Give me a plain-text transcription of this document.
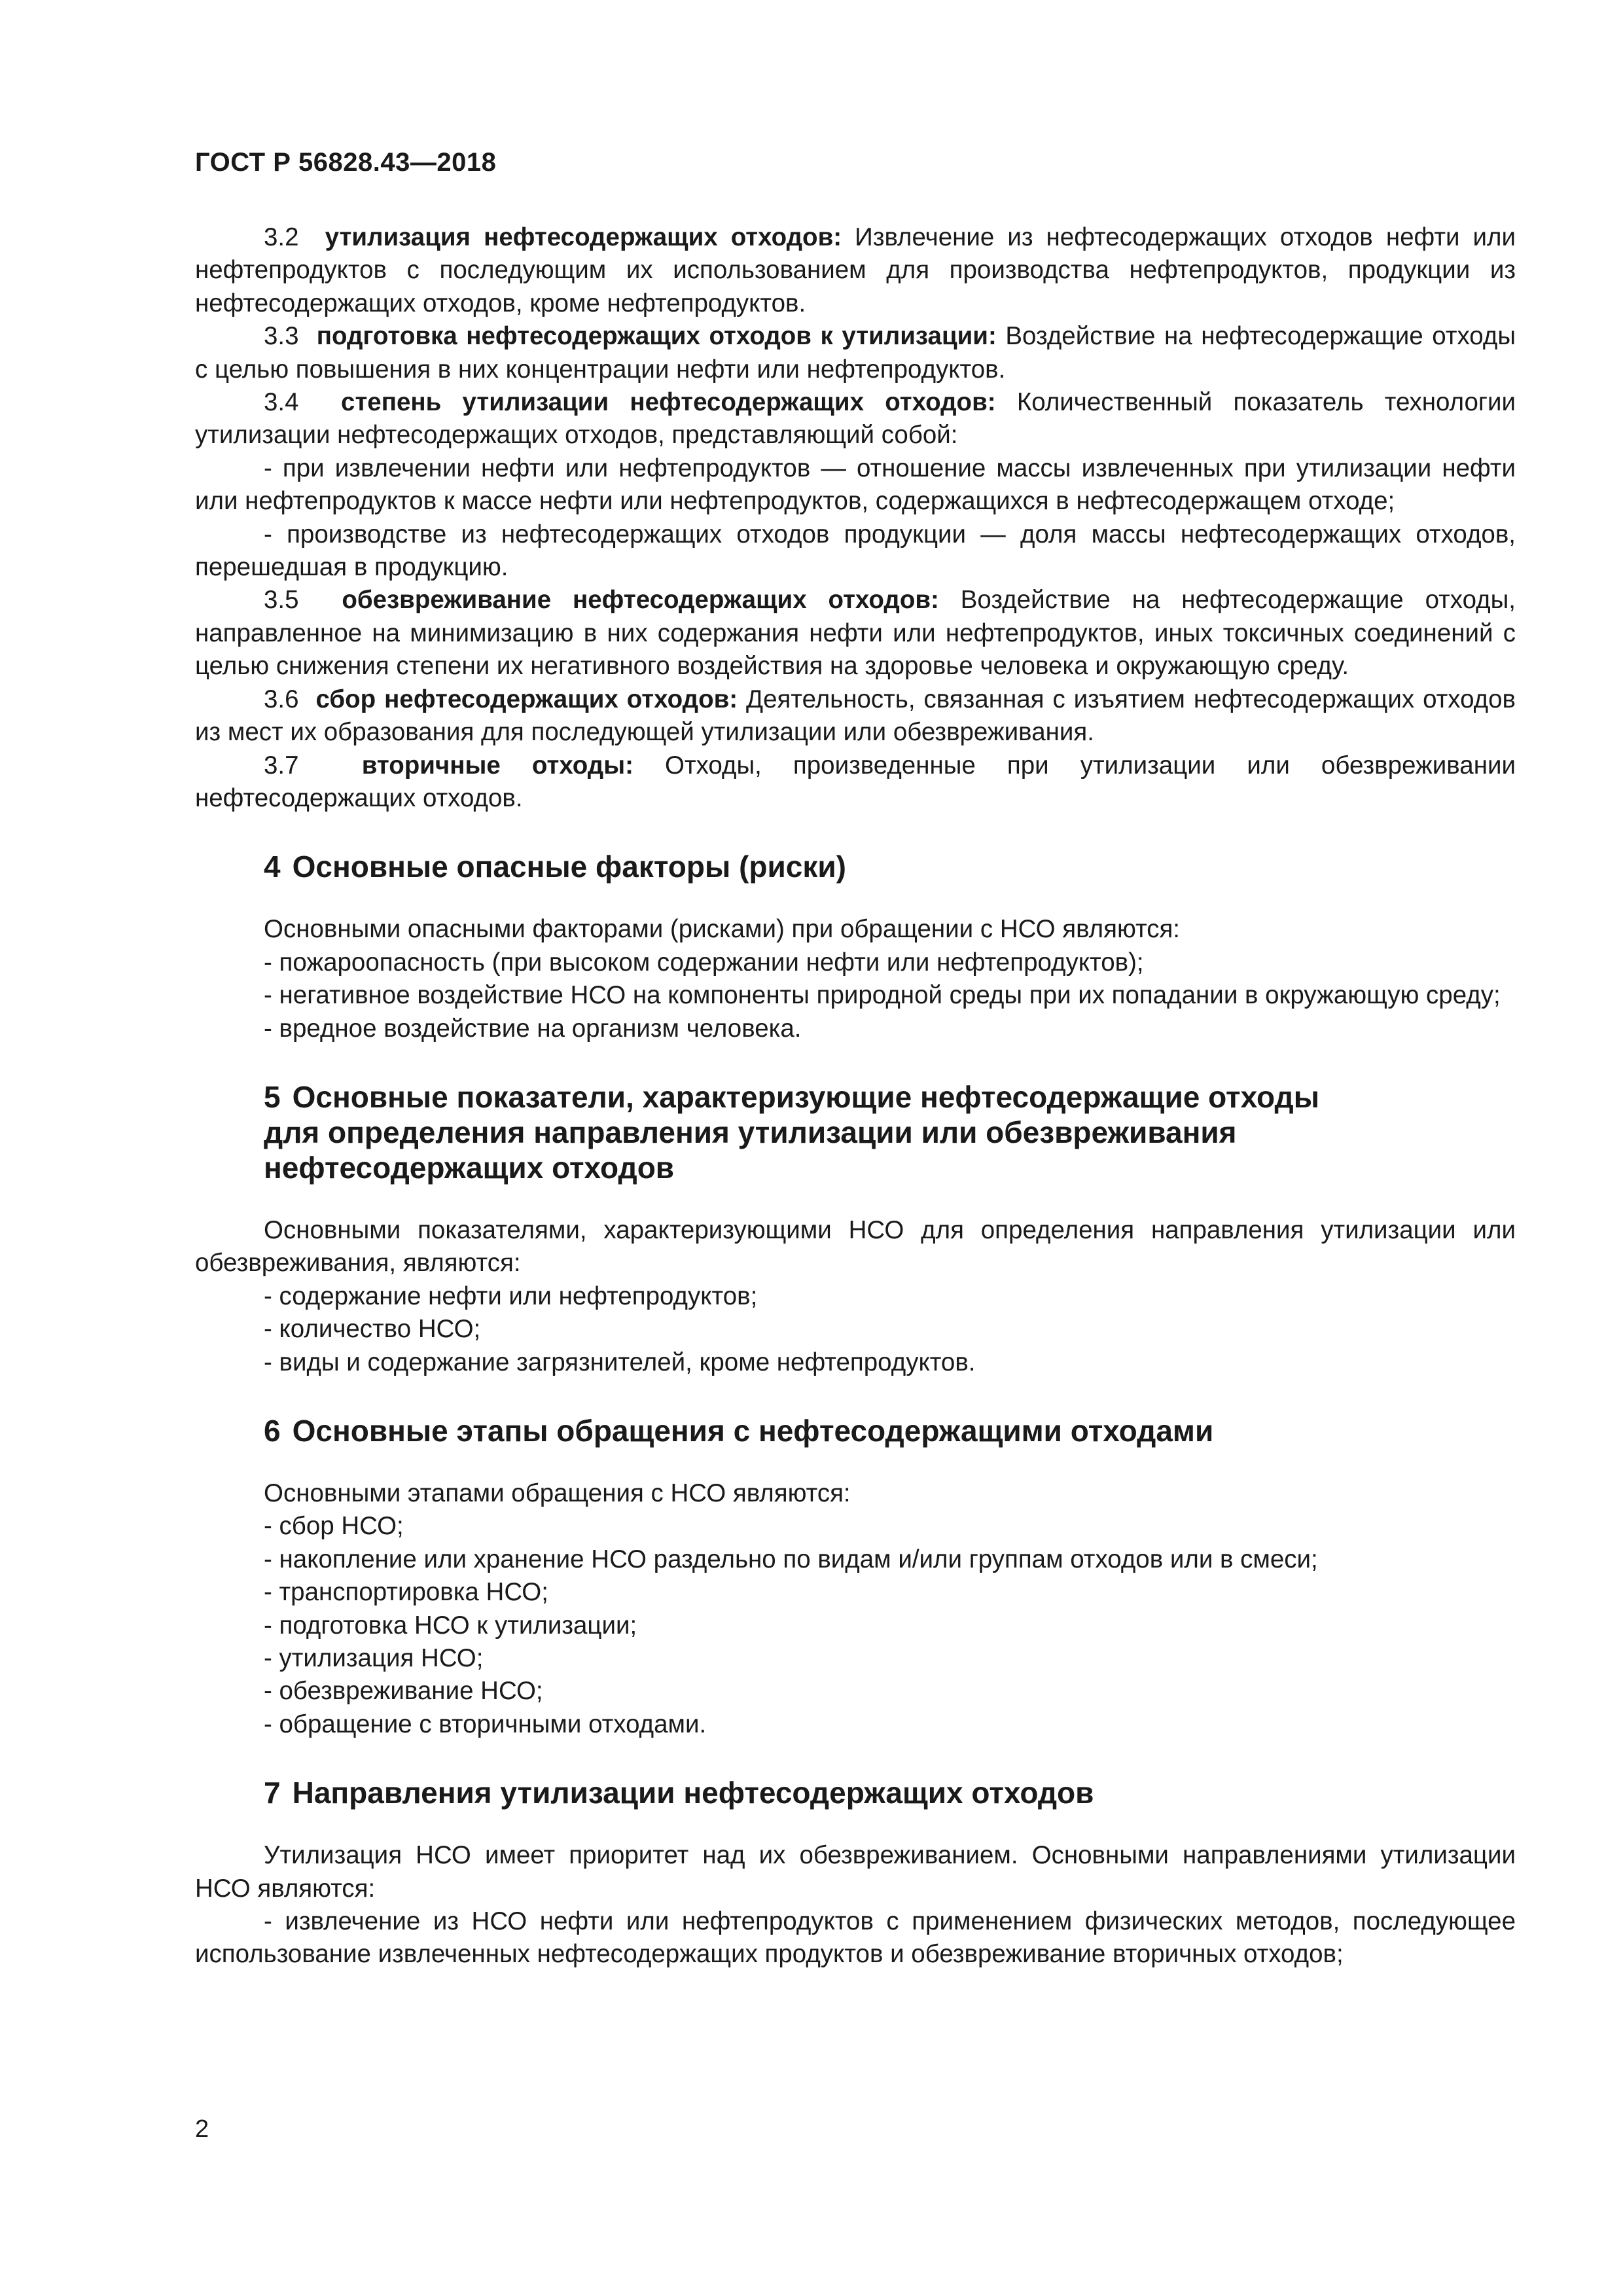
ГОСТ Р 56828.43—2018

3.2 утилизация нефтесодержащих отходов: Извлечение из нефтесодержащих отходов нефти или нефтепродуктов с последующим их использованием для производства нефтепродуктов, продукции из нефтесодержащих отходов, кроме нефтепродуктов.

3.3 подготовка нефтесодержащих отходов к утилизации: Воздействие на нефтесодержащие отходы с целью повышения в них концентрации нефти или нефтепродуктов.

3.4 степень утилизации нефтесодержащих отходов: Количественный показатель технологии утилизации нефтесодержащих отходов, представляющий собой:

- при извлечении нефти или нефтепродуктов — отношение массы извлеченных при утилизации нефти или нефтепродуктов к массе нефти или нефтепродуктов, содержащихся в нефтесодержащем отходе;

- производстве из нефтесодержащих отходов продукции — доля массы нефтесодержащих отходов, перешедшая в продукцию.

3.5 обезвреживание нефтесодержащих отходов: Воздействие на нефтесодержащие отходы, направленное на минимизацию в них содержания нефти или нефтепродуктов, иных токсичных соединений с целью снижения степени их негативного воздействия на здоровье человека и окружающую среду.

3.6 сбор нефтесодержащих отходов: Деятельность, связанная с изъятием нефтесодержащих отходов из мест их образования для последующей утилизации или обезвреживания.

3.7 вторичные отходы: Отходы, произведенные при утилизации или обезвреживании нефтесодержащих отходов.

4 Основные опасные факторы (риски)

Основными опасными факторами (рисками) при обращении с НСО являются:

- пожароопасность (при высоком содержании нефти или нефтепродуктов);

- негативное воздействие НСО на компоненты природной среды при их попадании в окружающую среду;

- вредное воздействие на организм человека.

5 Основные показатели, характеризующие нефтесодержащие отходы
для определения направления утилизации или обезвреживания
нефтесодержащих отходов

Основными показателями, характеризующими НСО для определения направления утилизации или обезвреживания, являются:

- содержание нефти или нефтепродуктов;

- количество НСО;

- виды и содержание загрязнителей, кроме нефтепродуктов.

6 Основные этапы обращения с нефтесодержащими отходами

Основными этапами обращения с НСО являются:

- сбор НСО;

- накопление или хранение НСО раздельно по видам и/или группам отходов или в смеси;

- транспортировка НСО;

- подготовка НСО к утилизации;

- утилизация НСО;

- обезвреживание НСО;

- обращение с вторичными отходами.

7 Направления утилизации нефтесодержащих отходов

Утилизация НСО имеет приоритет над их обезвреживанием. Основными направлениями утилизации НСО являются:

- извлечение из НСО нефти или нефтепродуктов с применением физических методов, последующее использование извлеченных нефтесодержащих продуктов и обезвреживание вторичных отходов;

2
